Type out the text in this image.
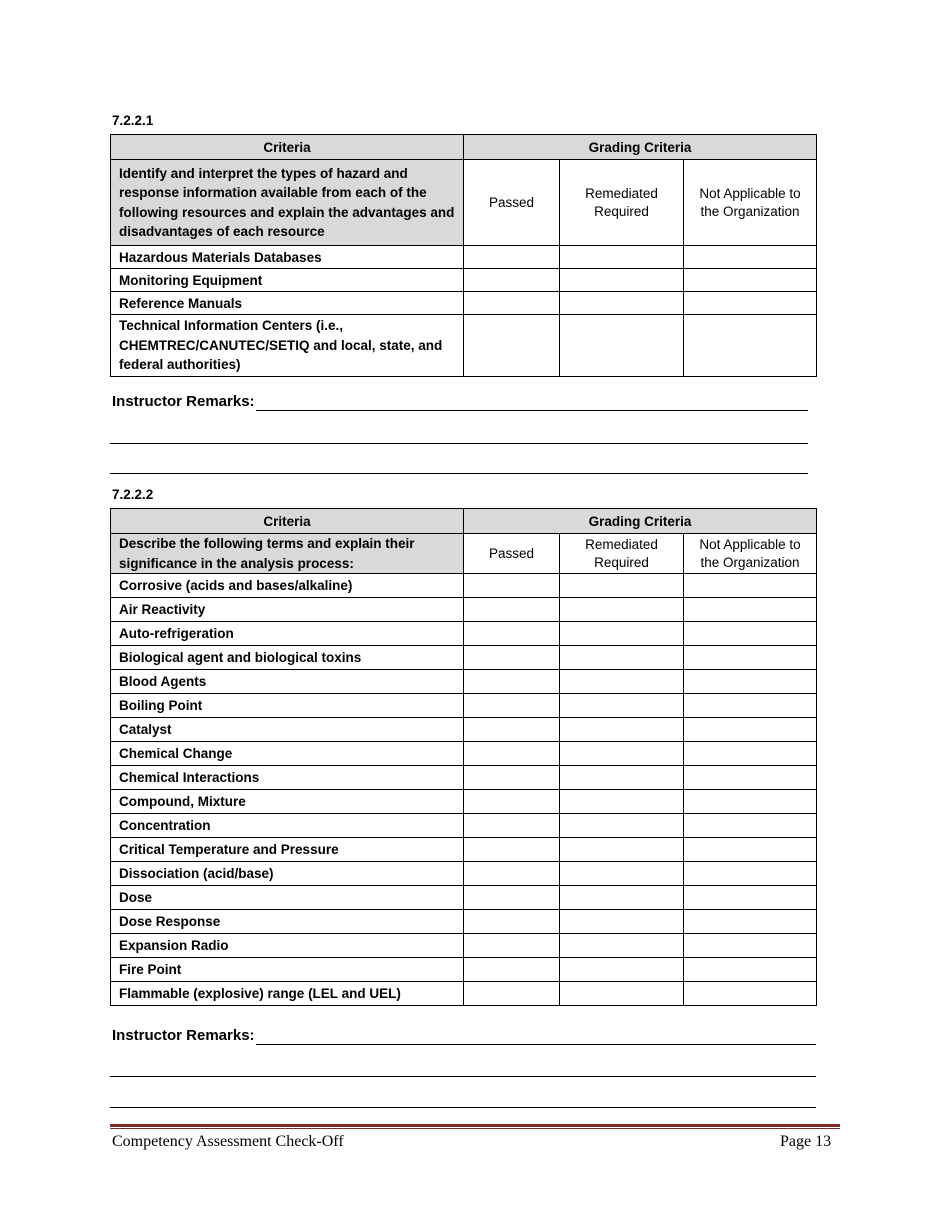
7.2.2.1
Criteria	Grading Criteria		
Identify and interpret the types of hazard and response information available from each of the following resources and explain the advantages and disadvantages of each resource	Passed	Remediated Required	Not Applicable to the Organization
Hazardous Materials Databases			
Monitoring Equipment			
Reference Manuals			
Technical Information Centers (i.e., CHEMTREC/CANUTEC/SETIQ and local, state, and federal authorities)			
Instructor Remarks:
7.2.2.2
Criteria	Grading Criteria		
Describe the following terms and explain their significance in the analysis process:	Passed	Remediated Required	Not Applicable to the Organization
Corrosive (acids and bases/alkaline)			
Air Reactivity			
Auto-refrigeration			
Biological agent and biological toxins			
Blood Agents			
Boiling Point			
Catalyst			
Chemical Change			
Chemical Interactions			
Compound, Mixture			
Concentration			
Critical Temperature and Pressure			
Dissociation (acid/base)			
Dose			
Dose Response			
Expansion Radio			
Fire Point			
Flammable (explosive) range (LEL and UEL)			
Instructor Remarks:
Competency Assessment Check-Off	Page 13
